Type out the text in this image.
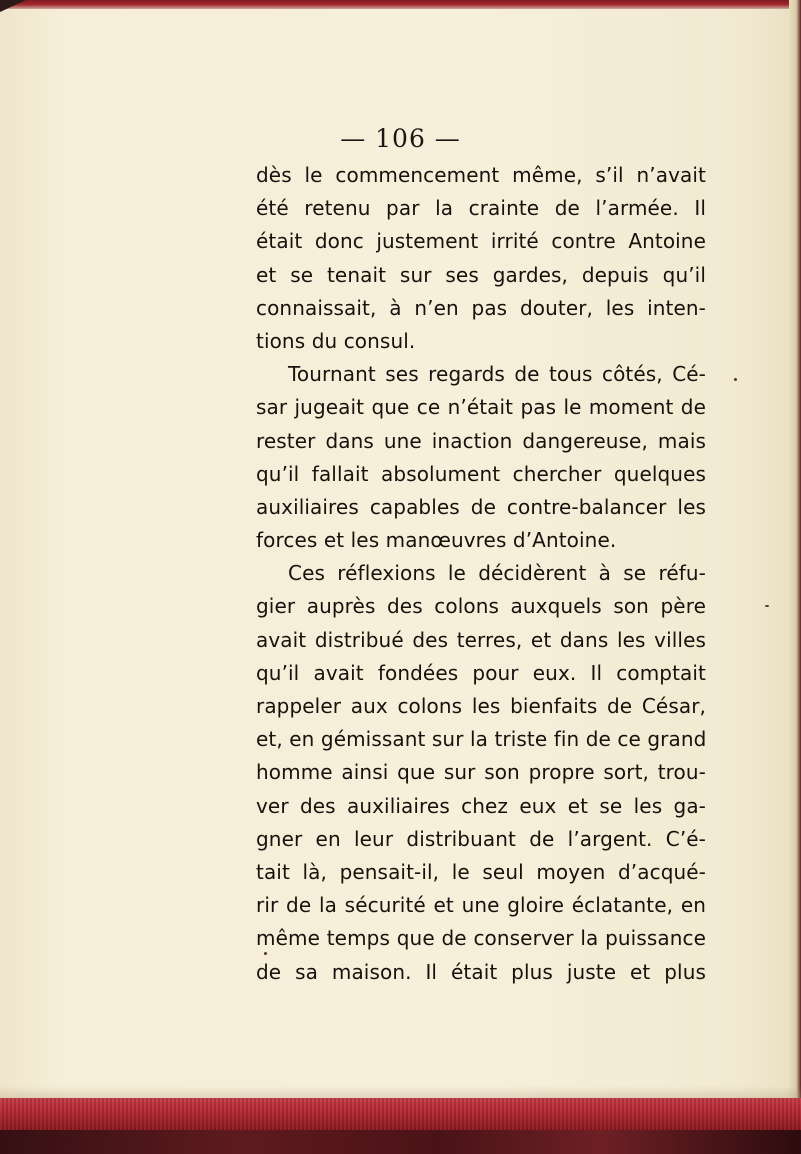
— 106 —
dès le commencement même, s’il n’avait
été retenu par la crainte de l’armée. Il
était donc justement irrité contre Antoine
et se tenait sur ses gardes, depuis qu’il
connaissait, à n’en pas douter, les inten-
tions du consul.
Tournant ses regards de tous côtés, Cé-
sar jugeait que ce n’était pas le moment de
rester dans une inaction dangereuse, mais
qu’il fallait absolument chercher quelques
auxiliaires capables de contre-balancer les
forces et les manœuvres d’Antoine.
Ces réflexions le décidèrent à se réfu-
gier auprès des colons auxquels son père
avait distribué des terres, et dans les villes
qu’il avait fondées pour eux. Il comptait
rappeler aux colons les bienfaits de César,
et, en gémissant sur la triste fin de ce grand
homme ainsi que sur son propre sort, trou-
ver des auxiliaires chez eux et se les ga-
gner en leur distribuant de l’argent. C’é-
tait là, pensait-il, le seul moyen d’acqué-
rir de la sécurité et une gloire éclatante, en
même temps que de conserver la puissance
de sa maison. Il était plus juste et plus
